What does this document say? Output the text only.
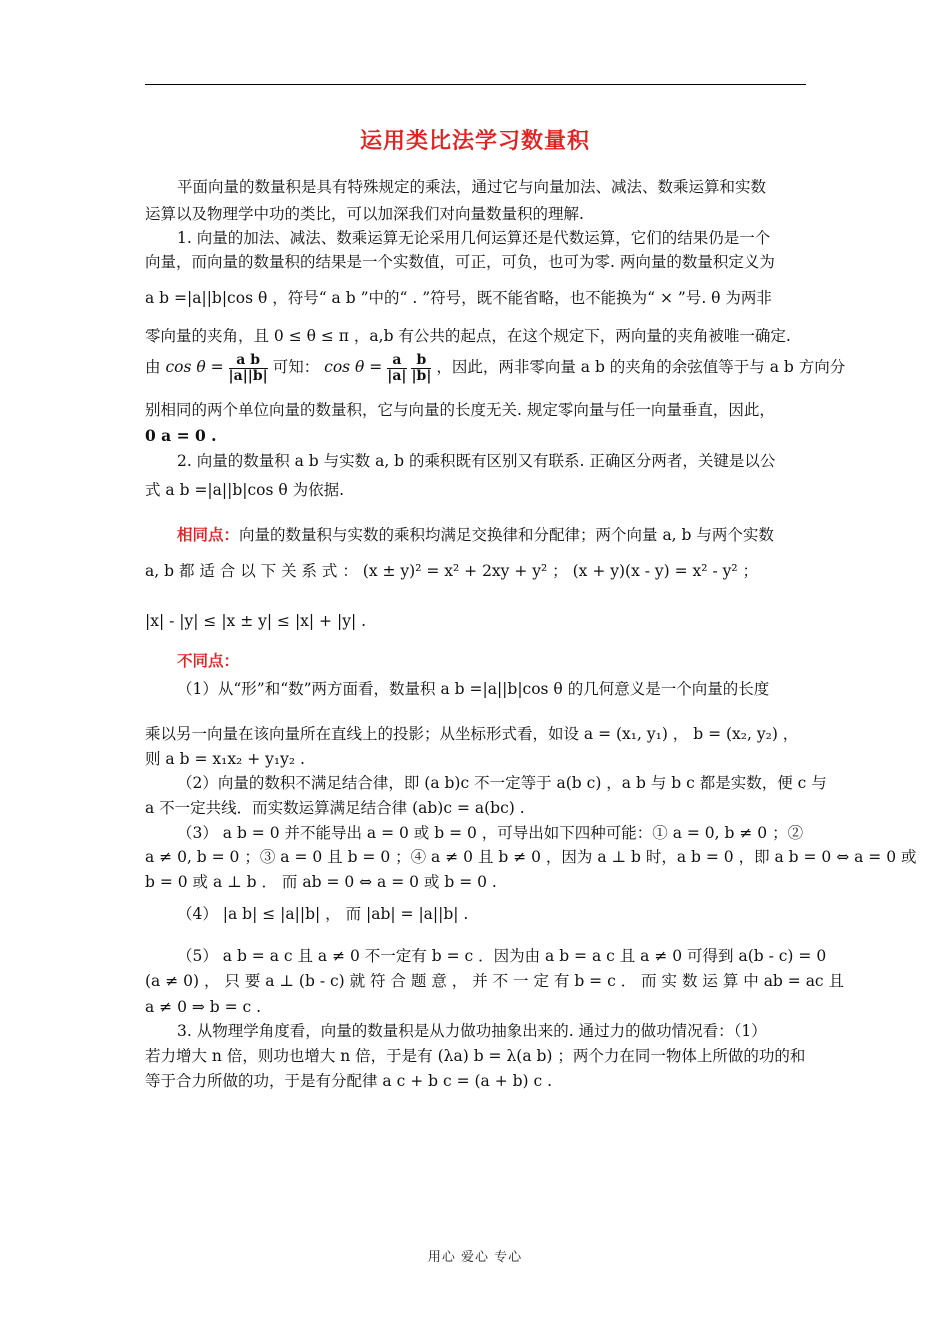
运用类比法学习数量积
平面向量的数量积是具有特殊规定的乘法，通过它与向量加法、减法、数乘运算和实数
运算以及物理学中功的类比，可以加深我们对向量数量积的理解.
1. 向量的加法、减法、数乘运算无论采用几何运算还是代数运算，它们的结果仍是一个
向量，而向量的数量积的结果是一个实数值，可正，可负，也可为零. 两向量的数量积定义为
a b =|a||b|cos θ ，符号“ a b ”中的“ . ”符号，既不能省略，也不能换为“ × ”号. θ 为两非
零向量的夹角，且 0 ≤ θ ≤ π ，a,b 有公共的起点，在这个规定下，两向量的夹角被唯一确定.
由 $\cos \theta = \frac{\text{a b}}{|a||b|}$ 可知： $\cos \theta = \frac{a}{|a|}$
$\frac{b}{|b|}$ ，因此，两非零向量 a b 的夹角的余弦值等于与 a b 方向分
别相同的两个单位向量的数量积，它与向量的长度无关. 规定零向量与任一向量垂直，因此，
0 a = 0 .
2. 向量的数量积 a b 与实数 a, b 的乘积既有区别又有联系. 正确区分两者，关键是以公
式 a b =|a||b|cos θ 为依据.
相同点：向量的数量积与实数的乘积均满足交换律和分配律；两个向量 a, b 与两个实数
a, b 都 适 合 以 下 关 系 式 ： (x ± y)² = x² + 2xy + y² ； (x + y)(x - y) = x² - y² ；
|x| - |y| ≤ |x ± y| ≤ |x| + |y| .
不同点：
（1）从“形”和“数”两方面看，数量积 a b =|a||b|cos θ 的几何意义是一个向量的长度
乘以另一向量在该向量所在直线上的投影；从坐标形式看，如设 a = (x₁, y₁) ， b = (x₂, y₂) ，
则 a b = x₁x₂ + y₁y₂ .
（2）向量的数积不满足结合律，即 (a b)c 不一定等于 a(b c) ，a b 与 b c 都是实数，便 c 与
a 不一定共线．而实数运算满足结合律 (ab)c = a(bc) .
（3） a b = 0 并不能导出 a = 0 或 b = 0 ，可导出如下四种可能：① a = 0, b ≠ 0 ；②
a ≠ 0, b = 0 ；③ a = 0 且 b = 0 ；④ a ≠ 0 且 b ≠ 0 ，因为 a ⊥ b 时，a b = 0 ，即 a b = 0 ⇔ a = 0 或
b = 0 或 a ⊥ b ． 而 ab = 0 ⇔ a = 0 或 b = 0 .
（4） |a b| ≤ |a||b| ， 而 |ab| = |a||b| .
（5） a b = a c 且 a ≠ 0 不一定有 b = c ．因为由 a b = a c 且 a ≠ 0 可得到 a(b - c) = 0
(a ≠ 0) ， 只 要 a ⊥ (b - c) 就 符 合 题 意 ， 并 不 一 定 有 b = c ． 而 实 数 运 算 中 ab = ac 且
a ≠ 0 ⇒ b = c .
3. 从物理学角度看，向量的数量积是从力做功抽象出来的. 通过力的做功情况看：（1）
若力增大 n 倍，则功也增大 n 倍，于是有 (λa) b = λ(a b) ；两个力在同一物体上所做的功的和
等于合力所做的功，于是有分配律 a c + b c = (a + b) c .
用心 爱心 专心
